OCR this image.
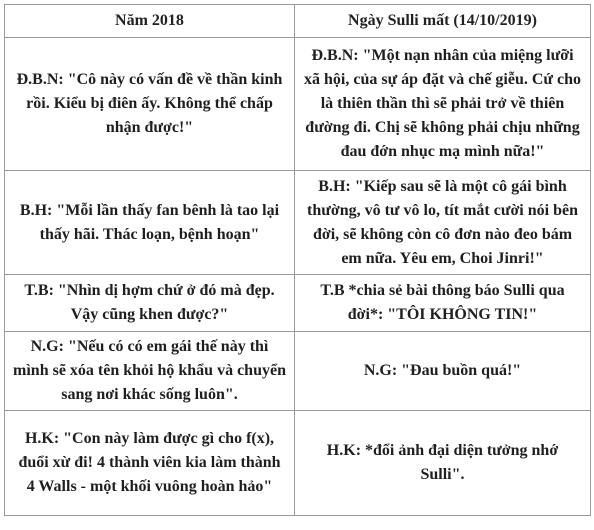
Năm 2018	Ngày Sulli mất (14/10/2019)
Đ.B.N: "Cô này có vấn đề về thần kinh rồi. Kiểu bị điên ấy. Không thể chấp nhận được!"	Đ.B.N: "Một nạn nhân của miệng lưỡi xã hội, của sự áp đặt và chế giễu. Cứ cho là thiên thần thì sẽ phải trở về thiên đường đi. Chị sẽ không phải chịu những đau đớn nhục mạ mình nữa!"
B.H: "Mỗi lần thấy fan bênh là tao lại thấy hãi. Thác loạn, bệnh hoạn"	B.H: "Kiếp sau sẽ là một cô gái bình thường, vô tư vô lo, tít mắt cười nói bên đời, sẽ không còn cô đơn nào đeo bám em nữa. Yêu em, Choi Jinri!"
T.B: "Nhìn dị hợm chứ ở đó mà đẹp. Vậy cũng khen được?"	T.B *chia sẻ bài thông báo Sulli qua đời*: "TÔI KHÔNG TIN!"
N.G: "Nếu có có em gái thế này thì mình sẽ xóa tên khỏi hộ khẩu và chuyển sang nơi khác sống luôn".	N.G: "Đau buồn quá!"
H.K: "Con này làm được gì cho f(x), đuổi xừ đi! 4 thành viên kia làm thành 4 Walls - một khối vuông hoàn hảo"	H.K: *đổi ảnh đại diện tưởng nhớ Sulli".
